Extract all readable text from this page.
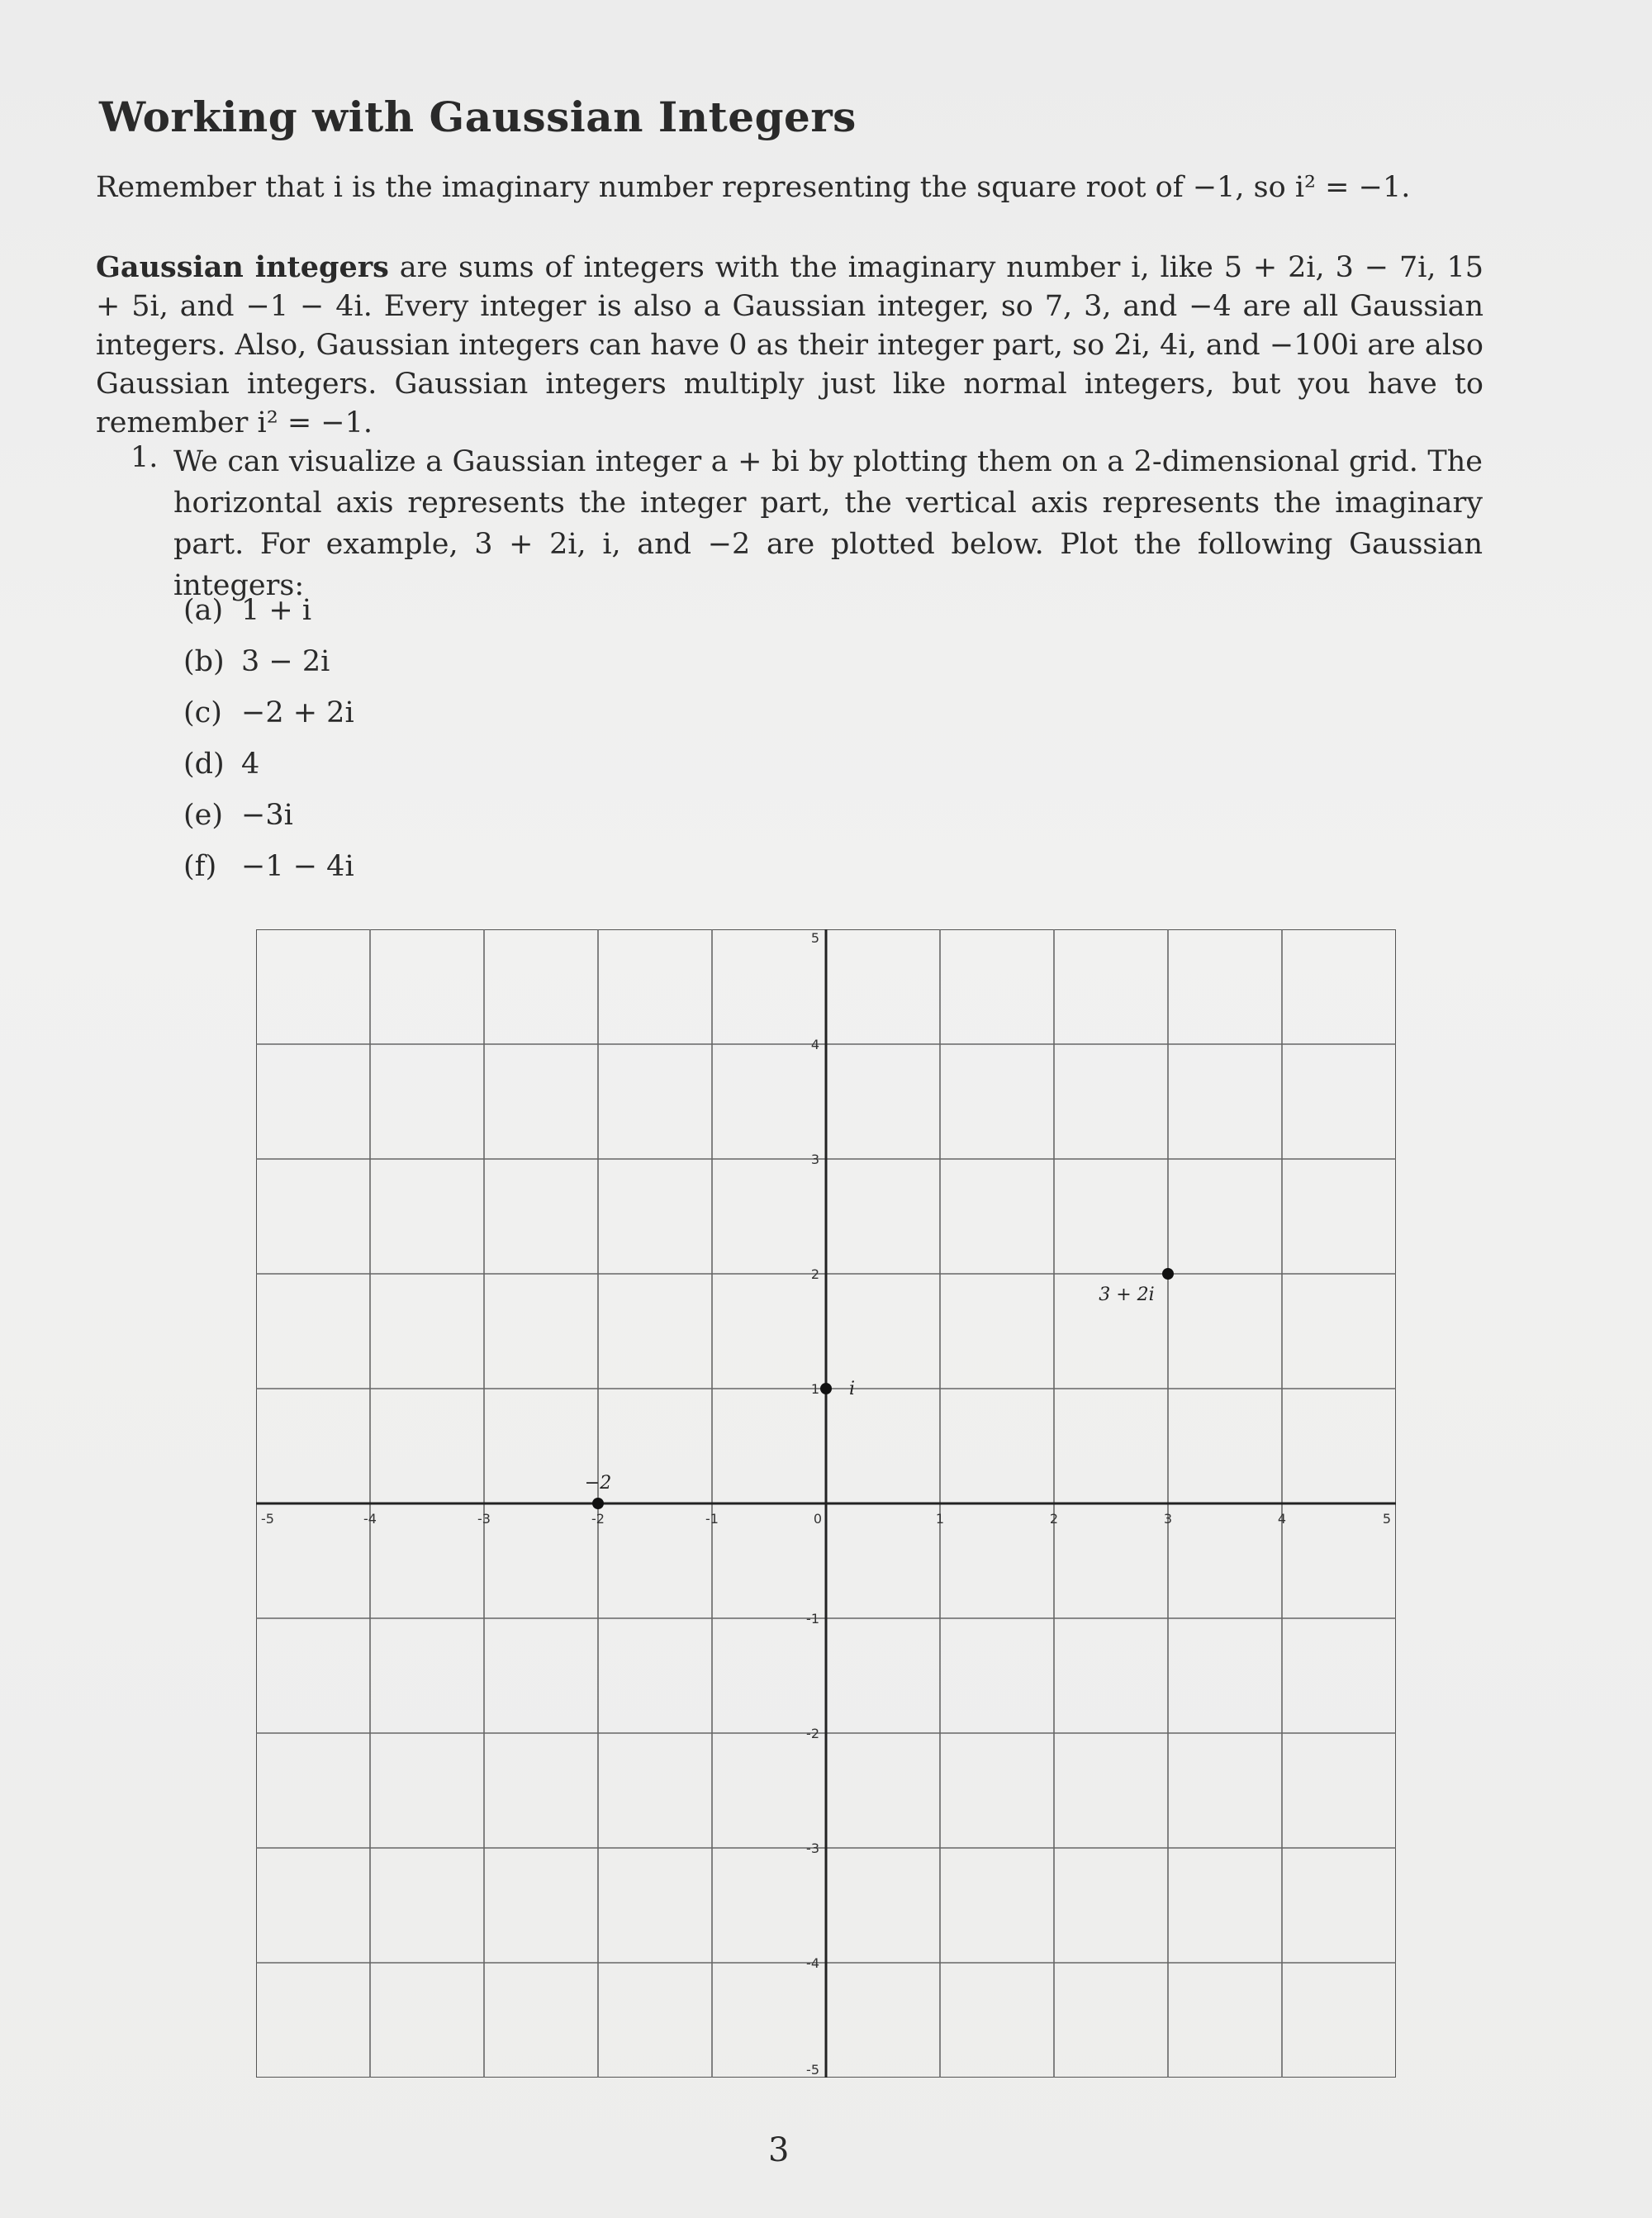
Working with Gaussian Integers
Remember that i is the imaginary number representing the square root of −1, so i² = −1.
Gaussian integers are sums of integers with the imaginary number i, like 5 + 2i, 3 − 7i, 15 + 5i, and −1 − 4i. Every integer is also a Gaussian integer, so 7, 3, and −4 are all Gaussian integers. Also, Gaussian integers can have 0 as their integer part, so 2i, 4i, and −100i are also Gaussian integers. Gaussian integers multiply just like normal integers, but you have to remember i² = −1.
1. We can visualize a Gaussian integer a + bi by plotting them on a 2-dimensional grid. The horizontal axis represents the integer part, the vertical axis represents the imaginary part. For example, 3 + 2i, i, and −2 are plotted below. Plot the following Gaussian integers:
(a) 1 + i
(b) 3 − 2i
(c) −2 + 2i
(d) 4
(e) −3i
(f) −1 − 4i
-5	-4	-3	-2	-1	0	1	2	3	4	5
5
4
3
2
1
-1
-2
-3
-4
-5
3 + 2i
i
−2
3
